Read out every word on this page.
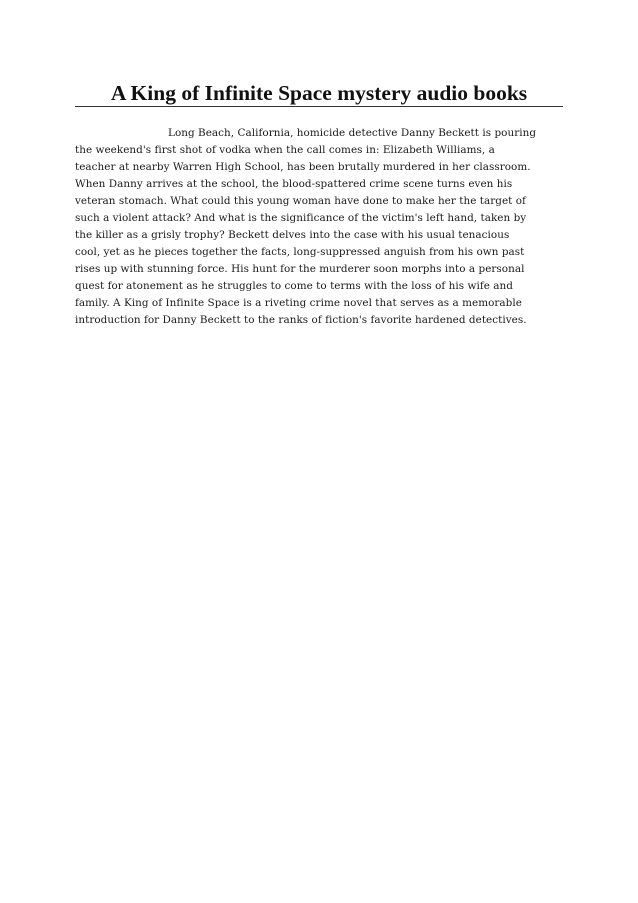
A King of Infinite Space mystery audio books
Long Beach, California, homicide detective Danny Beckett is pouring
the weekend's first shot of vodka when the call comes in: Elizabeth Williams, a
teacher at nearby Warren High School, has been brutally murdered in her classroom.
When Danny arrives at the school, the blood-spattered crime scene turns even his
veteran stomach. What could this young woman have done to make her the target of
such a violent attack? And what is the significance of the victim's left hand, taken by
the killer as a grisly trophy? Beckett delves into the case with his usual tenacious
cool, yet as he pieces together the facts, long-suppressed anguish from his own past
rises up with stunning force. His hunt for the murderer soon morphs into a personal
quest for atonement as he struggles to come to terms with the loss of his wife and
family. A King of Infinite Space is a riveting crime novel that serves as a memorable
introduction for Danny Beckett to the ranks of fiction's favorite hardened detectives.
